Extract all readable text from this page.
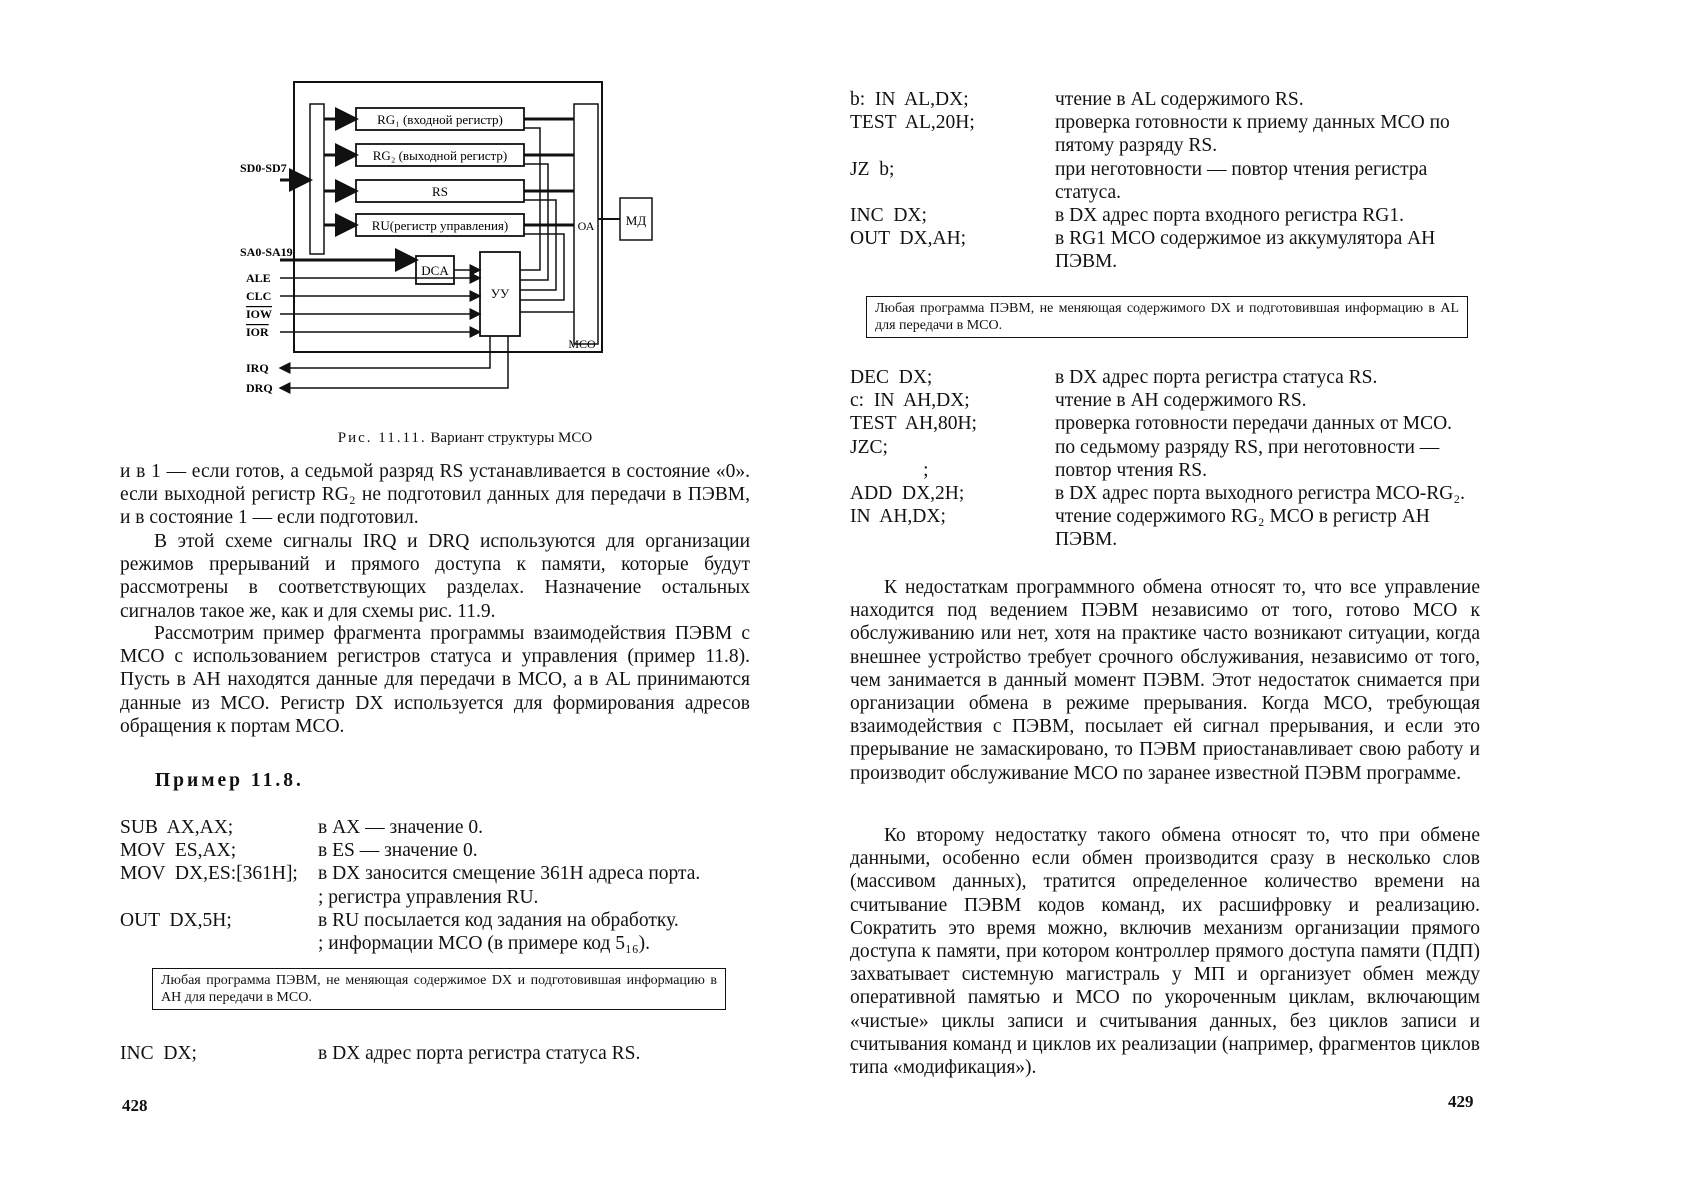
RG₁ (входной регистр)
RG₂ (выходной регистр)
RS
RU(регистр управления)	ОА МД
DCA
УУ
МСО
SD0-SD7
SA0-SA19
ALE
CLC
IOW
IOR
IRQ
DRQ
Рис. 11.11. Вариант структуры МСО
и в 1 — если готов, а седьмой разряд RS устанавливается в состояние «0». если выходной регистр RG₂ не подготовил данных для передачи в ПЭВМ, и в состояние 1 — если подготовил.
В этой схеме сигналы IRQ и DRQ используются для организации режимов прерываний и прямого доступа к памяти, которые будут рассмотрены в соответствующих разделах. Назначение остальных сигналов такое же, как и для схемы рис. 11.9.
Рассмотрим пример фрагмента программы взаимодействия ПЭВМ с МСО с использованием регистров статуса и управления (пример 11.8). Пусть в АН находятся данные для передачи в МСО, а в AL принимаются данные из МСО. Регистр DX используется для формирования адресов обращения к портам МСО.
Пример 11.8.
SUB  AX,AX;	в AX — значение 0.
MOV  ES,AX;	в ES — значение 0.
MOV  DX,ES:[361H];	в DX заносится смещение 361H адреса порта.
; регистра управления RU.
OUT  DX,5H;	в RU посылается код задания на обработку.
; информации МСО (в примере код 5₁₆).
Любая программа ПЭВМ, не меняющая содержимое DX и подготовившая информацию в АН для передачи в МСО.
INC  DX;	в DX адрес порта регистра статуса RS.
428
b:  IN  AL,DX;	чтение в AL содержимого RS.
TEST  AL,20H;	проверка готовности к приему данных МСО по пятому разряду RS.
JZ  b;	при неготовности — повтор чтения регистра статуса.
INC  DX;	в DX адрес порта входного регистра RG1.
OUT  DX,AH;	в RG1 МСО содержимое из аккумулятора АН ПЭВМ.
Любая программа ПЭВМ, не меняющая содержимого DX и подготовившая информацию в AL для передачи в МСО.
DEC  DX;	в DX адрес порта регистра статуса RS.
c:  IN  AH,DX;	чтение в АН содержимого RS.
TEST  AH,80H;	проверка готовности передачи данных от МСО.
JZC;	по седьмому разряду RS, при неготовности —
;	повтор чтения RS.
ADD  DX,2H;	в DX адрес порта выходного регистра МСО-RG₂.
IN  AH,DX;	чтение содержимого RG₂ МСО в регистр АН ПЭВМ.
К недостаткам программного обмена относят то, что все управление находится под ведением ПЭВМ независимо от того, готово МСО к обслуживанию или нет, хотя на практике часто возникают ситуации, когда внешнее устройство требует срочного обслуживания, независимо от того, чем занимается в данный момент ПЭВМ. Этот недостаток снимается при организации обмена в режиме прерывания. Когда МСО, требующая взаимодействия с ПЭВМ, посылает ей сигнал прерывания, и если это прерывание не замаскировано, то ПЭВМ приостанавливает свою работу и производит обслуживание МСО по заранее известной ПЭВМ программе.
Ко второму недостатку такого обмена относят то, что при обмене данными, особенно если обмен производится сразу в несколько слов (массивом данных), тратится определенное количество времени на считывание ПЭВМ кодов команд, их расшифровку и реализацию. Сократить это время можно, включив механизм организации прямого доступа к памяти, при котором контроллер прямого доступа памяти (ПДП) захватывает системную магистраль у МП и организует обмен между оперативной памятью и МСО по укороченным циклам, включающим «чистые» циклы записи и считывания данных, без циклов записи и считывания команд и циклов их реализации (например, фрагментов циклов типа «модификация»).
429
